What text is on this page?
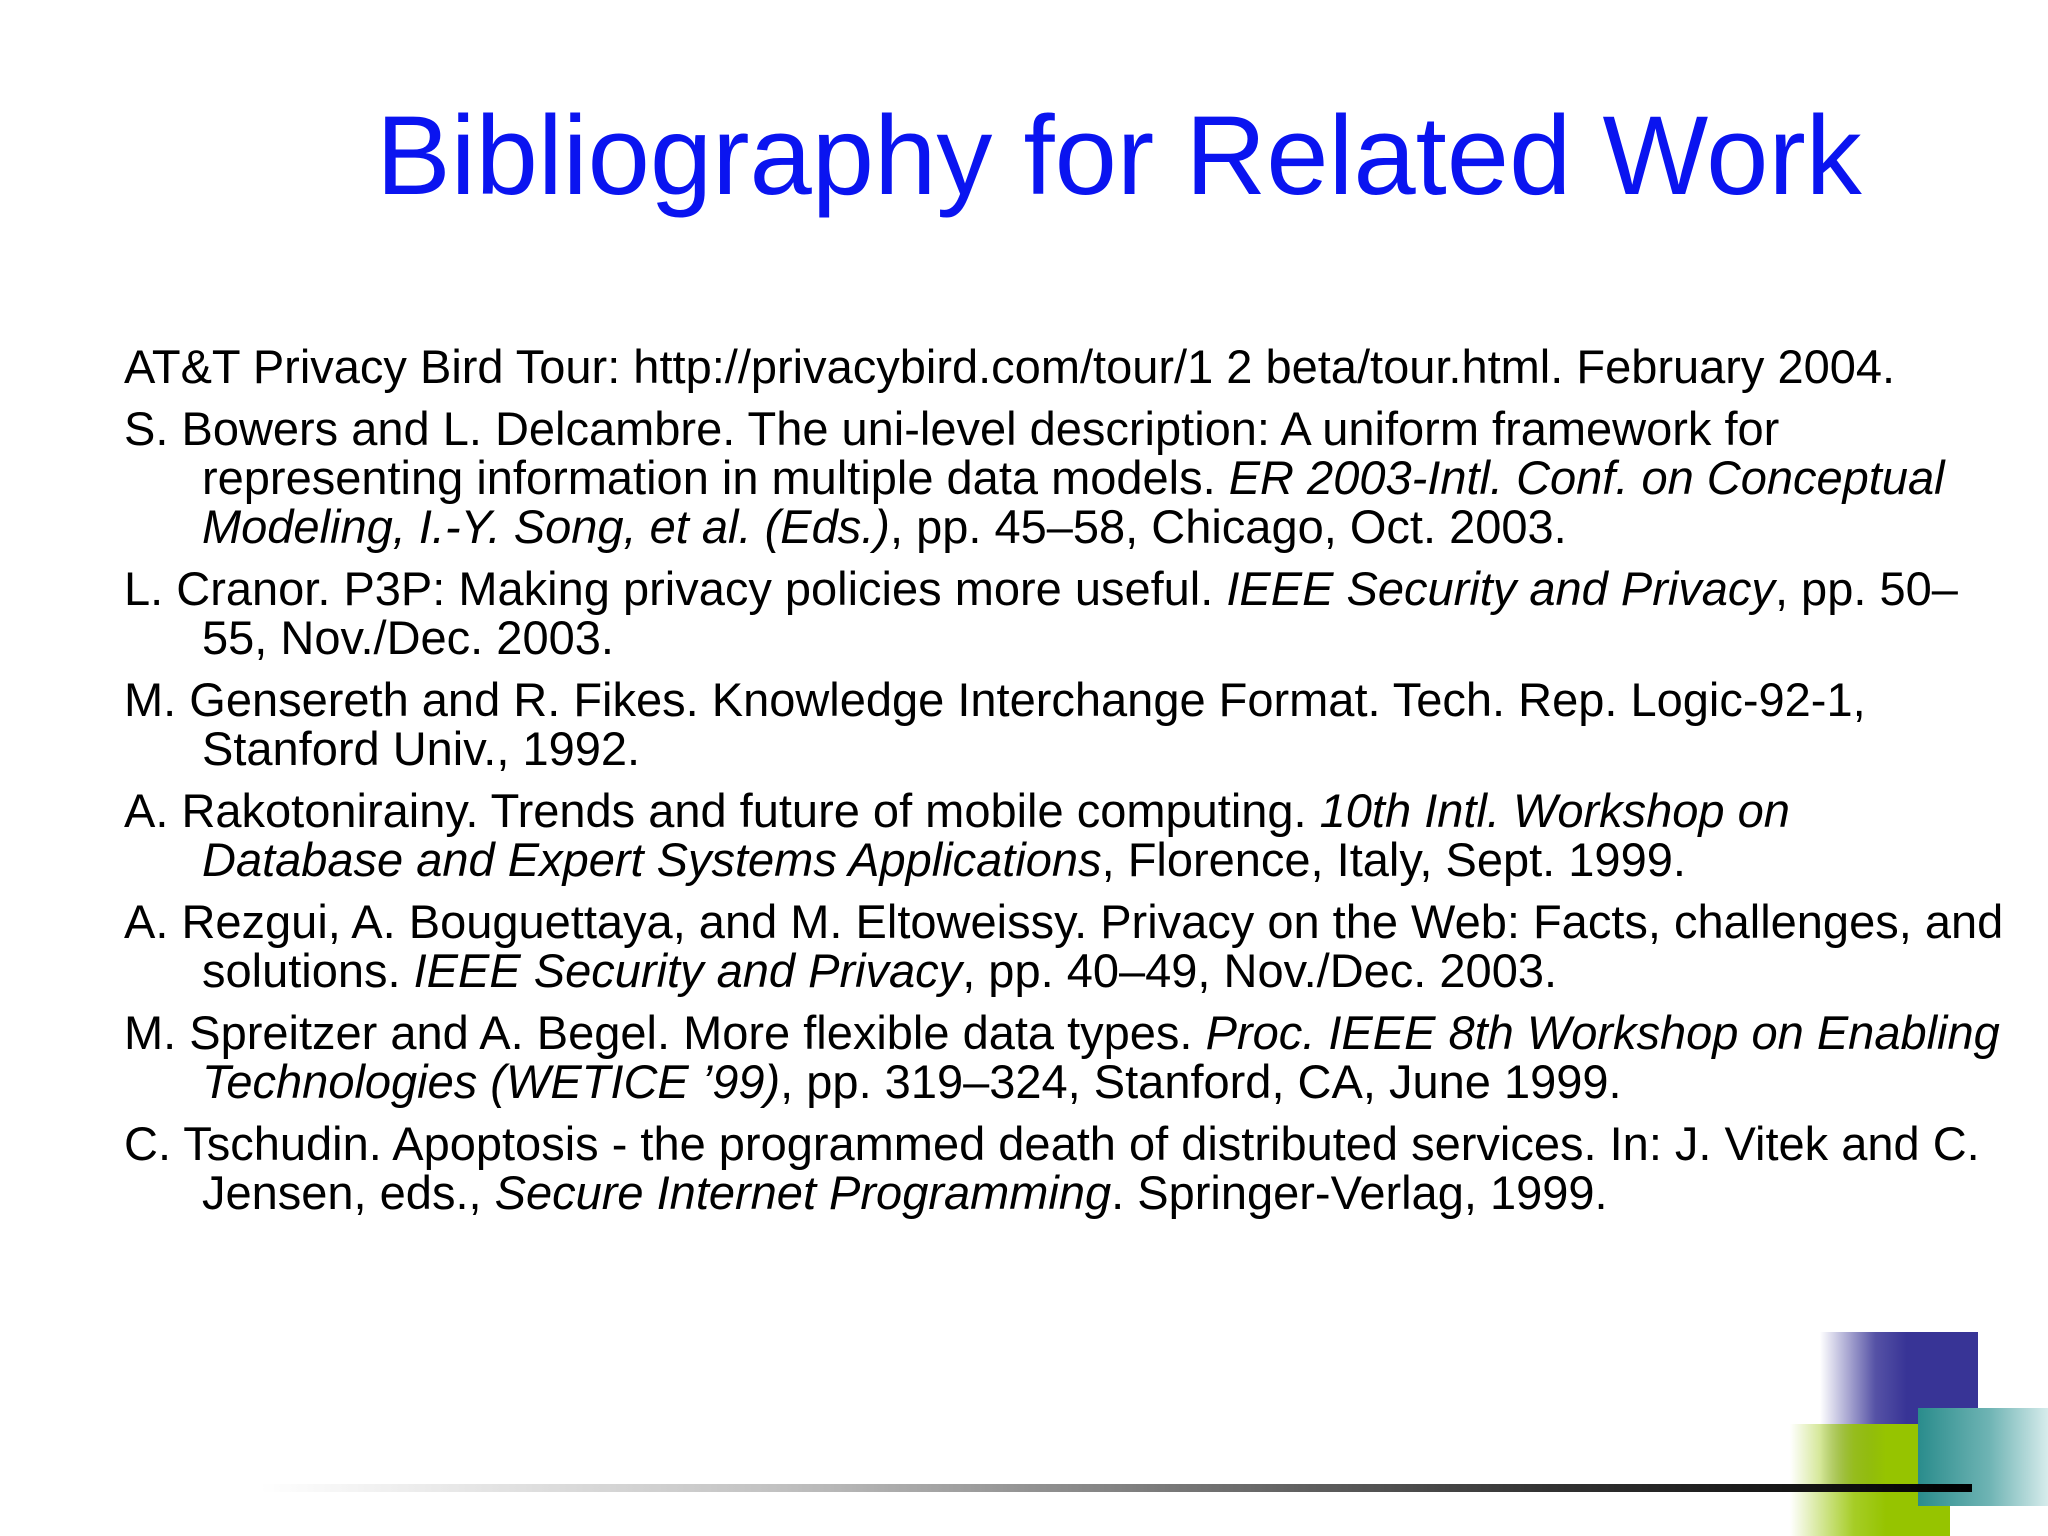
Bibliography for Related Work
AT&T Privacy Bird Tour: http://privacybird.com/tour/1 2 beta/tour.html. February 2004.
S. Bowers and L. Delcambre. The uni-level description: A uniform framework for representing information in multiple data models. ER 2003-Intl. Conf. on Conceptual Modeling, I.-Y. Song, et al. (Eds.), pp. 45–58, Chicago, Oct. 2003.
L. Cranor. P3P: Making privacy policies more useful. IEEE Security and Privacy, pp. 50–55, Nov./Dec. 2003.
M. Gensereth and R. Fikes. Knowledge Interchange Format. Tech. Rep. Logic-92-1, Stanford Univ., 1992.
A. Rakotonirainy. Trends and future of mobile computing. 10th Intl. Workshop on Database and Expert Systems Applications, Florence, Italy, Sept. 1999.
A. Rezgui, A. Bouguettaya, and M. Eltoweissy. Privacy on the Web: Facts, challenges, and solutions. IEEE Security and Privacy, pp. 40–49, Nov./Dec. 2003.
M. Spreitzer and A. Begel. More flexible data types. Proc. IEEE 8th Workshop on Enabling Technologies (WETICE ’99), pp. 319–324, Stanford, CA, June 1999.
C. Tschudin. Apoptosis - the programmed death of distributed services. In: J. Vitek and C. Jensen, eds., Secure Internet Programming. Springer-Verlag, 1999.
